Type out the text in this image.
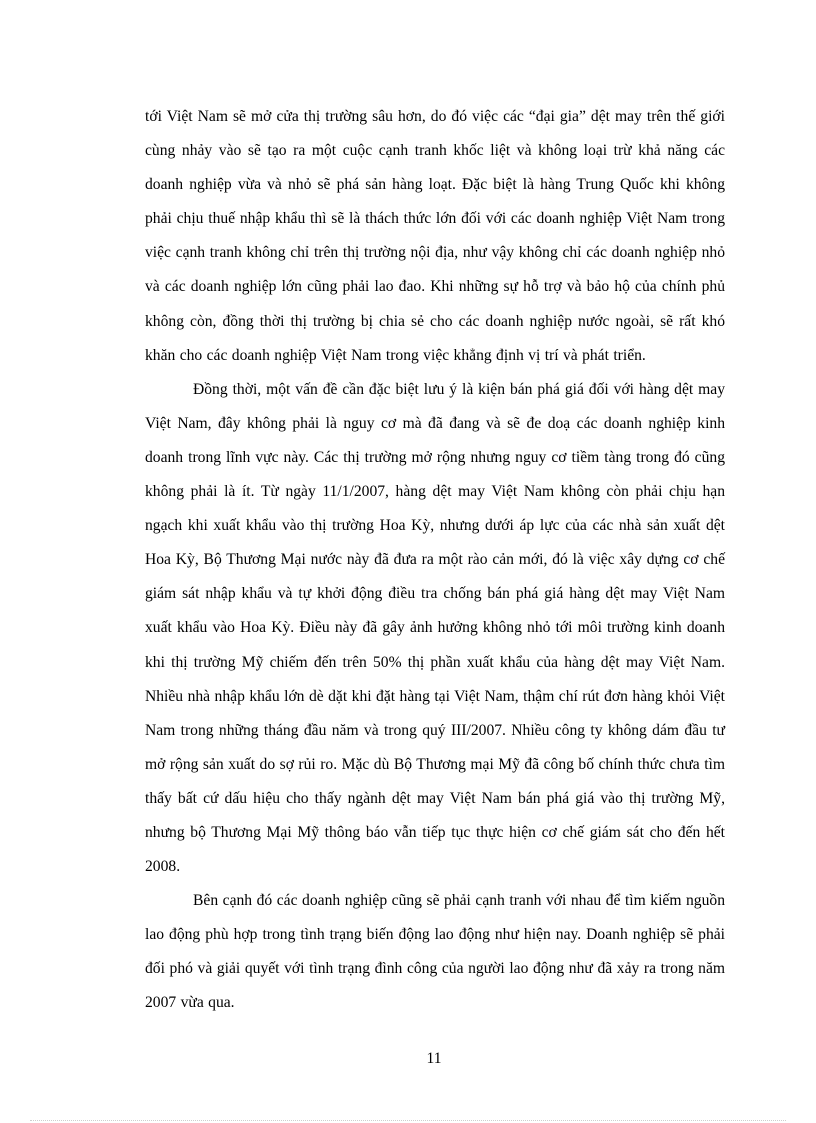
tới Việt Nam sẽ mở cửa thị trường sâu hơn, do đó việc các “đại gia” dệt may trên thế giới cùng nhảy vào sẽ tạo ra một cuộc cạnh tranh khốc liệt và không loại trừ khả năng các doanh nghiệp vừa và nhỏ sẽ phá sản hàng loạt. Đặc biệt là hàng Trung Quốc khi không phải chịu thuế nhập khẩu thì sẽ là thách thức lớn đối với các doanh nghiệp Việt Nam trong việc cạnh tranh không chỉ trên thị trường nội địa, như vậy không chỉ các doanh nghiệp nhỏ và các doanh nghiệp lớn cũng phải lao đao. Khi những sự hỗ trợ và bảo hộ của chính phủ không còn, đồng thời thị trường bị chia sẻ cho các doanh nghiệp nước ngoài, sẽ rất khó khăn cho các doanh nghiệp Việt Nam trong việc khẳng định vị trí và phát triển.

Đồng thời, một vấn đề cần đặc biệt lưu ý là kiện bán phá giá đối với hàng dệt may Việt Nam, đây không phải là nguy cơ mà đã đang và sẽ đe doạ các doanh nghiệp kinh doanh trong lĩnh vực này. Các thị trường mở rộng nhưng nguy cơ tiềm tàng trong đó cũng không phải là ít. Từ ngày 11/1/2007, hàng dệt may Việt Nam không còn phải chịu hạn ngạch khi xuất khẩu vào thị trường Hoa Kỳ, nhưng dưới áp lực của các nhà sản xuất dệt Hoa Kỳ, Bộ Thương Mại nước này đã đưa ra một rào cản mới, đó là việc xây dựng cơ chế giám sát nhập khẩu và tự khởi động điều tra chống bán phá giá hàng dệt may Việt Nam xuất khẩu vào Hoa Kỳ. Điều này đã gây ảnh hưởng không nhỏ tới môi trường kinh doanh khi thị trường Mỹ chiếm đến trên 50% thị phần xuất khẩu của hàng dệt may Việt Nam. Nhiều nhà nhập khẩu lớn dè dặt khi đặt hàng tại Việt Nam, thậm chí rút đơn hàng khỏi Việt Nam trong những tháng đầu năm và trong quý III/2007. Nhiều công ty không dám đầu tư mở rộng sản xuất do sợ rủi ro. Mặc dù Bộ Thương mại Mỹ đã công bố chính thức chưa tìm thấy bất cứ dấu hiệu cho thấy ngành dệt may Việt Nam bán phá giá vào thị trường Mỹ, nhưng bộ Thương Mại Mỹ thông báo vẫn tiếp tục thực hiện cơ chế giám sát cho đến hết 2008.

Bên cạnh đó các doanh nghiệp cũng sẽ phải cạnh tranh với nhau để tìm kiếm nguồn lao động phù hợp trong tình trạng biến động lao động như hiện nay. Doanh nghiệp sẽ phải đối phó và giải quyết với tình trạng đình công của người lao động như đã xảy ra trong năm 2007 vừa qua.

11
